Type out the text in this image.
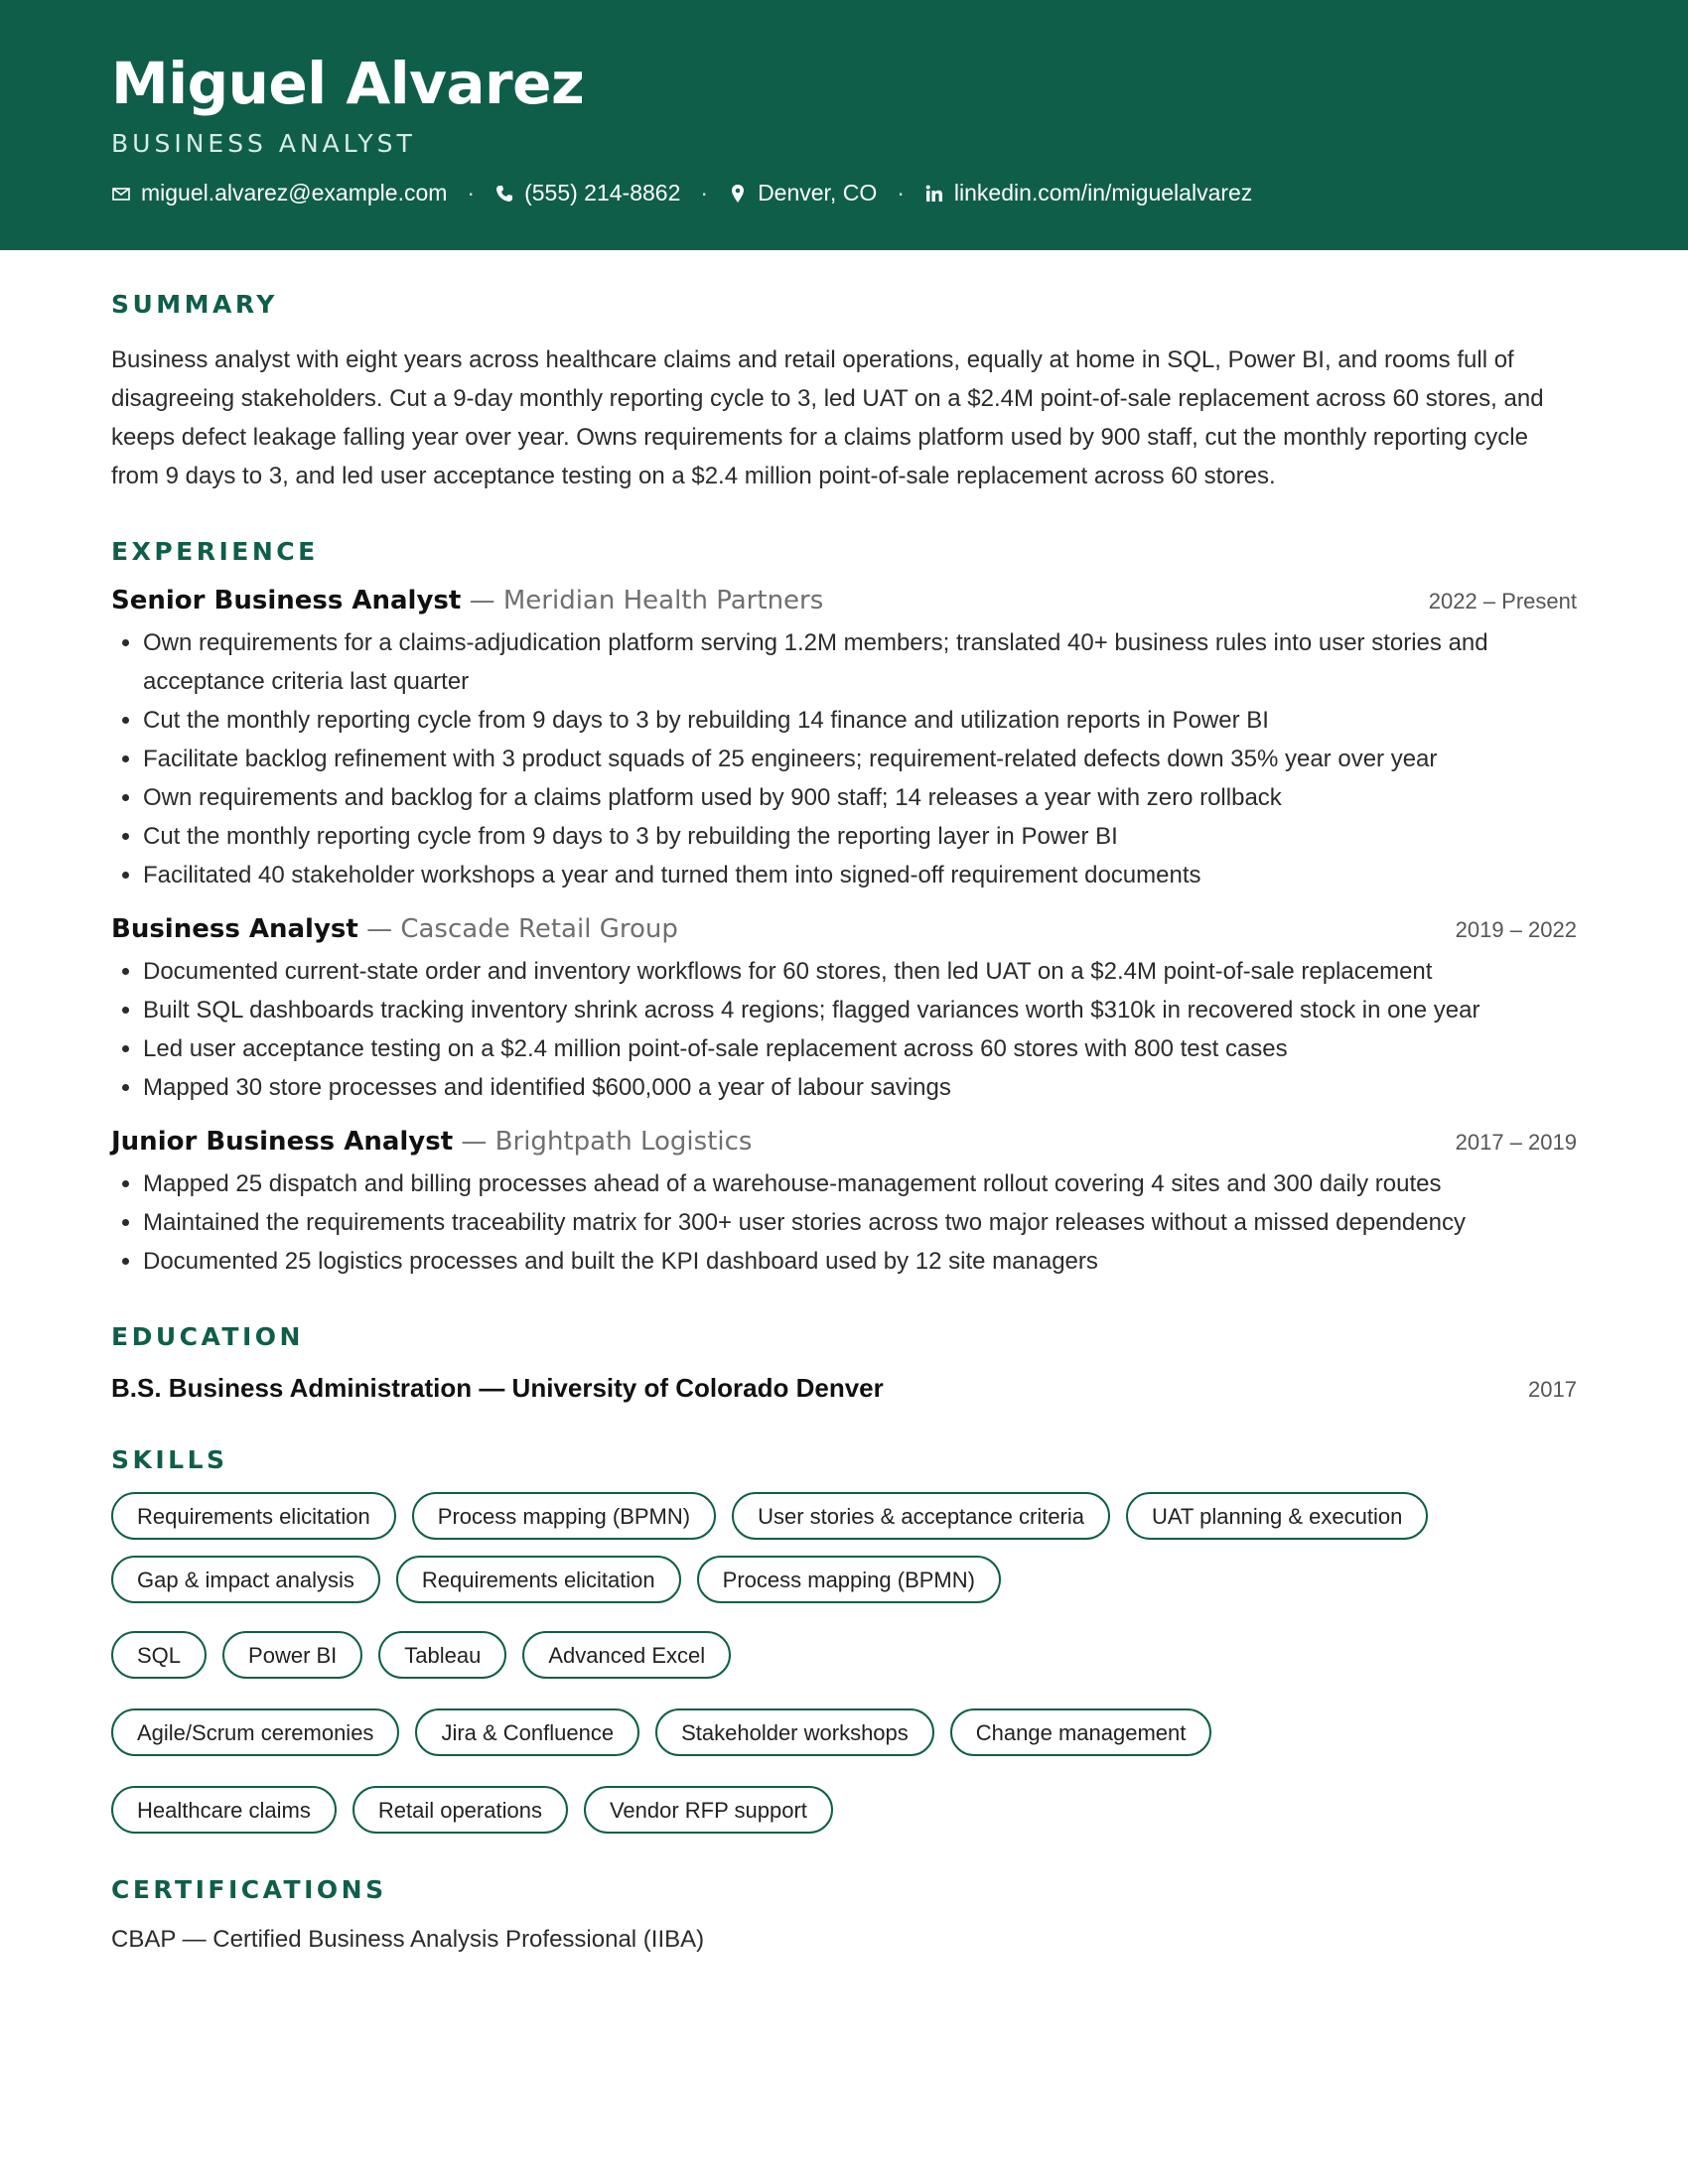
Miguel Alvarez
BUSINESS ANALYST
miguel.alvarez@example.com · (555) 214-8862 · Denver, CO · linkedin.com/in/miguelalvarez
SUMMARY
Business analyst with eight years across healthcare claims and retail operations, equally at home in SQL, Power BI, and rooms full of disagreeing stakeholders. Cut a 9-day monthly reporting cycle to 3, led UAT on a $2.4M point-of-sale replacement across 60 stores, and keeps defect leakage falling year over year. Owns requirements for a claims platform used by 900 staff, cut the monthly reporting cycle from 9 days to 3, and led user acceptance testing on a $2.4 million point-of-sale replacement across 60 stores.
EXPERIENCE
Senior Business Analyst — Meridian Health Partners	2022 – Present
• Own requirements for a claims-adjudication platform serving 1.2M members; translated 40+ business rules into user stories and acceptance criteria last quarter
• Cut the monthly reporting cycle from 9 days to 3 by rebuilding 14 finance and utilization reports in Power BI
• Facilitate backlog refinement with 3 product squads of 25 engineers; requirement-related defects down 35% year over year
• Own requirements and backlog for a claims platform used by 900 staff; 14 releases a year with zero rollback
• Cut the monthly reporting cycle from 9 days to 3 by rebuilding the reporting layer in Power BI
• Facilitated 40 stakeholder workshops a year and turned them into signed-off requirement documents
Business Analyst — Cascade Retail Group	2019 – 2022
• Documented current-state order and inventory workflows for 60 stores, then led UAT on a $2.4M point-of-sale replacement
• Built SQL dashboards tracking inventory shrink across 4 regions; flagged variances worth $310k in recovered stock in one year
• Led user acceptance testing on a $2.4 million point-of-sale replacement across 60 stores with 800 test cases
• Mapped 30 store processes and identified $600,000 a year of labour savings
Junior Business Analyst — Brightpath Logistics	2017 – 2019
• Mapped 25 dispatch and billing processes ahead of a warehouse-management rollout covering 4 sites and 300 daily routes
• Maintained the requirements traceability matrix for 300+ user stories across two major releases without a missed dependency
• Documented 25 logistics processes and built the KPI dashboard used by 12 site managers
EDUCATION
B.S. Business Administration — University of Colorado Denver	2017
SKILLS
Requirements elicitation	Process mapping (BPMN)	User stories & acceptance criteria	UAT planning & execution
Gap & impact analysis	Requirements elicitation	Process mapping (BPMN)
SQL	Power BI	Tableau	Advanced Excel
Agile/Scrum ceremonies	Jira & Confluence	Stakeholder workshops	Change management
Healthcare claims	Retail operations	Vendor RFP support
CERTIFICATIONS
CBAP — Certified Business Analysis Professional (IIBA)
